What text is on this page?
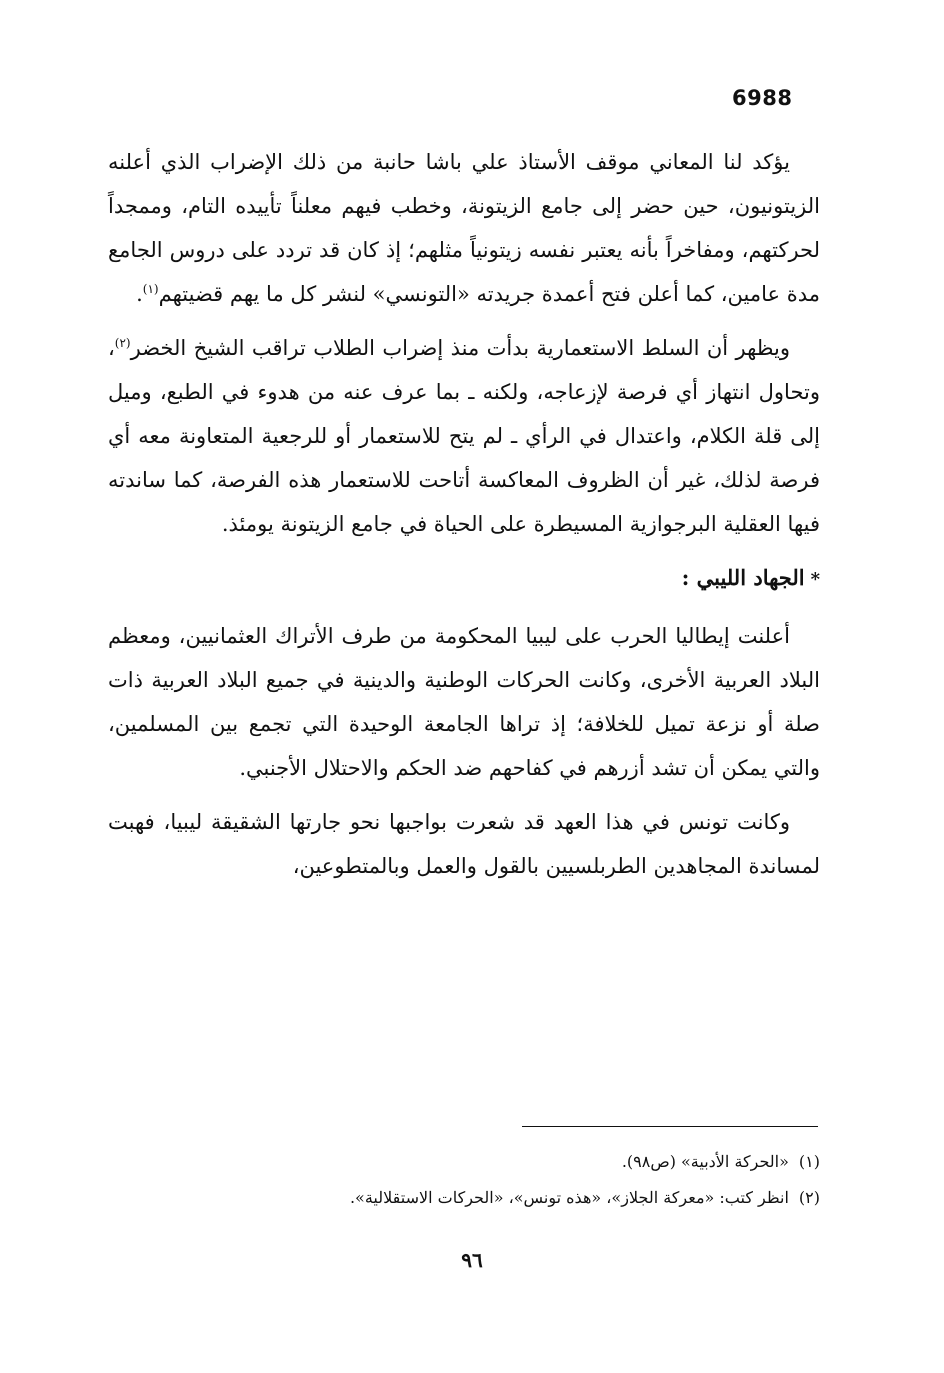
6988

يؤكد لنا المعاني موقف الأستاذ علي باشا حانبة من ذلك الإضراب الذي أعلنه الزيتونيون، حين حضر إلى جامع الزيتونة، وخطب فيهم معلناً تأييده التام، وممجداً لحركتهم، ومفاخراً بأنه يعتبر نفسه زيتونياً مثلهم؛ إذ كان قد تردد على دروس الجامع مدة عامين، كما أعلن فتح أعمدة جريدته «التونسي» لنشر كل ما يهم قضيتهم$^{(١)}$.

ويظهر أن السلط الاستعمارية بدأت منذ إضراب الطلاب تراقب الشيخ الخضر$^{(٢)}$، وتحاول انتهاز أي فرصة لإزعاجه، ولكنه ـ بما عرف عنه من هدوء في الطبع، وميل إلى قلة الكلام، واعتدال في الرأي ـ لم يتح للاستعمار أو للرجعية المتعاونة معه أي فرصة لذلك، غير أن الظروف المعاكسة أتاحت للاستعمار هذه الفرصة، كما ساندته فيها العقلية البرجوازية المسيطرة على الحياة في جامع الزيتونة يومئذ.

*الجهاد الليبي :

أعلنت إيطاليا الحرب على ليبيا المحكومة من طرف الأتراك العثمانيين، ومعظم البلاد العربية الأخرى، وكانت الحركات الوطنية والدينية في جميع البلاد العربية ذات صلة أو نزعة تميل للخلافة؛ إذ تراها الجامعة الوحيدة التي تجمع بين المسلمين، والتي يمكن أن تشد أزرهم في كفاحهم ضد الحكم والاحتلال الأجنبي.

وكانت تونس في هذا العهد قد شعرت بواجبها نحو جارتها الشقيقة ليبيا، فهبت لمساندة المجاهدين الطربلسيين بالقول والعمل وبالمتطوعين،

(١)«الحركة الأدبية» (ص٩٨).

(٢)انظر كتب: «معركة الجلاز»، «هذه تونس»، «الحركات الاستقلالية».

٩٦
